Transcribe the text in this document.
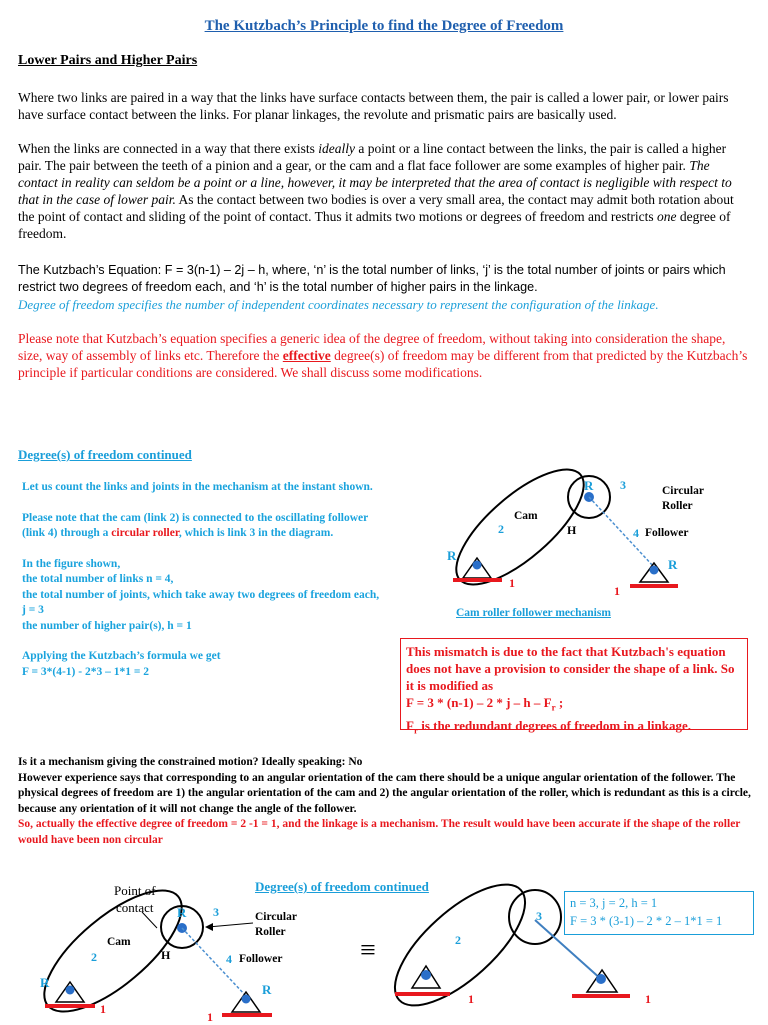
The Kutzbach’s Principle to find the Degree of Freedom
Lower Pairs and Higher Pairs
Where two links are paired in a way that the links have surface contacts between them, the pair is called a lower pair, or lower pairs have surface contact between the links. For planar linkages, the revolute and prismatic pairs are basically used.
When the links are connected in a way that there exists ideally a point or a line contact between the links, the pair is called a higher pair. The pair between the teeth of a pinion and a gear, or the cam and a flat face follower are some examples of higher pair. The contact in reality can seldom be a point or a line, however, it may be interpreted that the area of contact is negligible with respect to that in the case of lower pair. As the contact between two bodies is over a very small area, the contact may admit both rotation about the point of contact and sliding of the point of contact. Thus it admits two motions or degrees of freedom and restricts one degree of freedom.
The Kutzbach’s Equation: F = 3(n-1) – 2j – h, where, ‘n’ is the total number of links, ‘j’ is the total number of joints or pairs which restrict two degrees of freedom each, and ‘h’ is the total number of higher pairs in the linkage.
Degree of freedom specifies the number of independent coordinates necessary to represent the configuration of the linkage.
Please note that Kutzbach’s equation specifies a generic idea of the degree of freedom, without taking into consideration the shape, size, way of assembly of links etc. Therefore the effective degree(s) of freedom may be different from that predicted by the Kutzbach’s principle if particular conditions are considered. We shall discuss some modifications.
Degree(s) of freedom continued
Let us count the links and joints in the mechanism at the instant shown.
Please note that the cam (link 2) is connected to the oscillating follower (link 4) through a circular roller, which is link 3 in the diagram.
In the figure shown,
the total number of links n = 4,
the total number of joints, which take away two degrees of freedom each, j = 3
the number of higher pair(s), h = 1
Applying the Kutzbach’s formula we get
F = 3*(4-1) - 2*3 – 1*1 = 2
R 3	Circular
Roller
Cam
2	H	4 Follower
R
R
1
1
Cam roller follower mechanism
This mismatch is due to the fact that Kutzbach's equation does not have a provision to consider the shape of a link. So it is modified as
$F = 3 * (n-1) - 2 * j - h - F_r$ ;
$F_r$ is the redundant degrees of freedom in a linkage.
Is it a mechanism giving the constrained motion? Ideally speaking: No
However experience says that corresponding to an angular orientation of the cam there should be a unique angular orientation of the follower. The physical degrees of freedom are 1) the angular orientation of the cam and 2) the angular orientation of the roller, which is redundant as this is a circle, because any orientation of it will not change the angle of the follower.
So, actually the effective degree of freedom = 2 -1 = 1, and the linkage is a mechanism. The result would have been accurate if the shape of the roller would have been non circular
Degree(s) of freedom continued
Point of
contact R 3	Circular
Roller
Cam
2	H	4 Follower
R	R
1
1
≡	2
3
1	1
n = 3, j = 2, h = 1
F = 3 * (3-1) – 2 * 2 – 1*1 = 1
